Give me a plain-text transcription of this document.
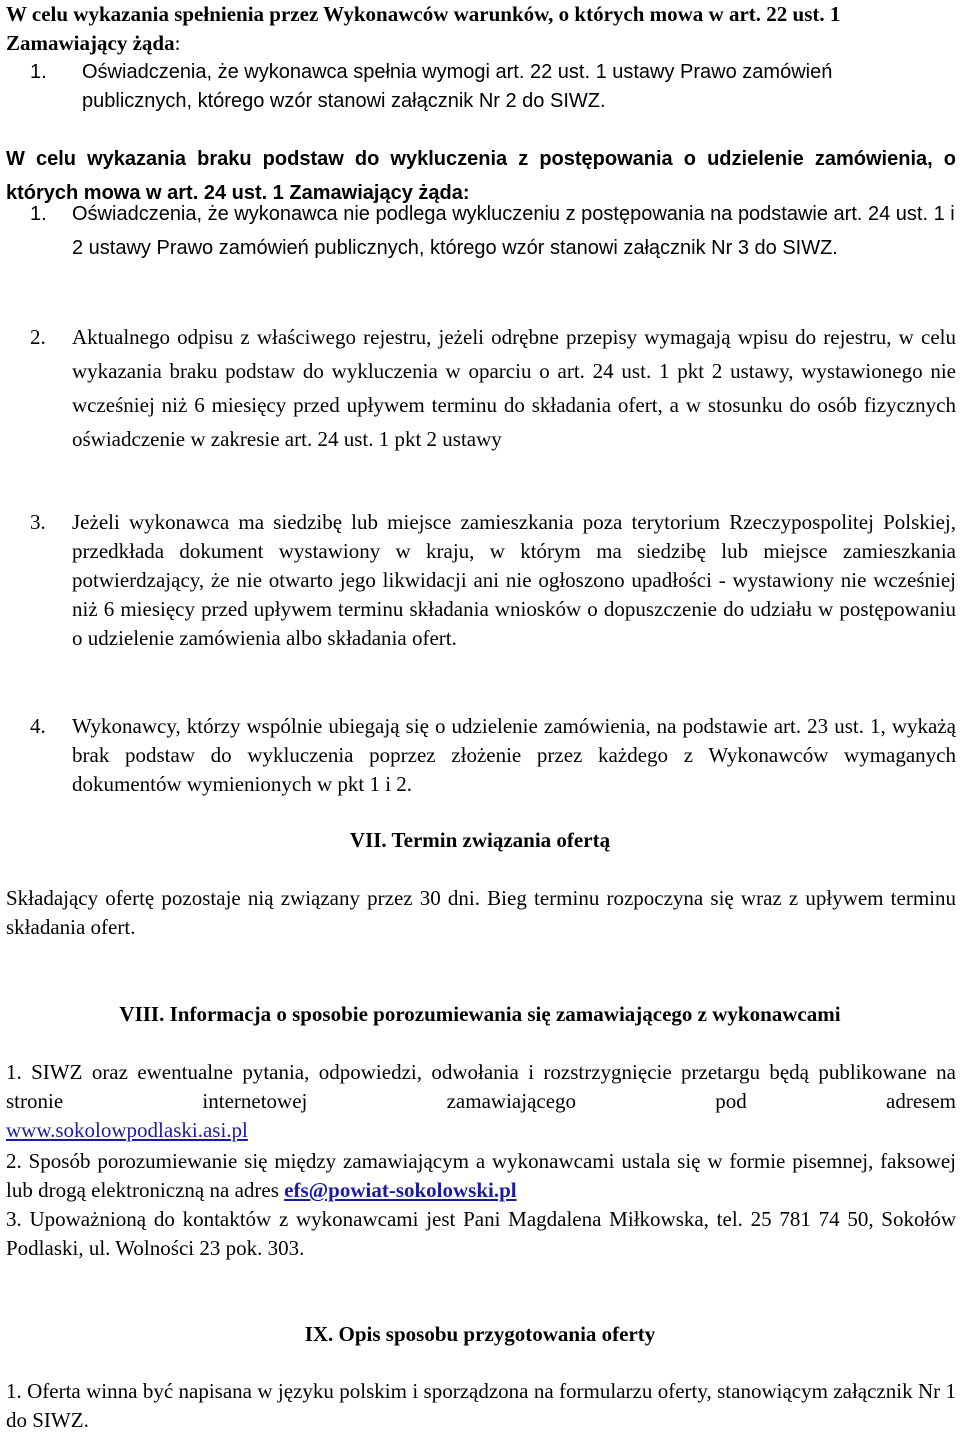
W celu wykazania spełnienia przez Wykonawców warunków, o których mowa w art. 22 ust. 1 Zamawiający żąda:
1.	Oświadczenia, że wykonawca spełnia wymogi art. 22 ust. 1 ustawy Prawo zamówień publicznych, którego wzór stanowi załącznik Nr 2 do SIWZ.
W celu wykazania braku podstaw do wykluczenia z postępowania o udzielenie zamówienia, o których mowa w art. 24 ust. 1 Zamawiający żąda:
1.	Oświadczenia, że wykonawca nie podlega wykluczeniu z postępowania na podstawie art. 24 ust. 1 i 2 ustawy Prawo zamówień publicznych, którego wzór stanowi załącznik Nr 3 do SIWZ.
2.	Aktualnego odpisu z właściwego rejestru, jeżeli odrębne przepisy wymagają wpisu do rejestru, w celu wykazania braku podstaw do wykluczenia w oparciu o art. 24 ust. 1 pkt 2 ustawy, wystawionego nie wcześniej niż 6 miesięcy przed upływem terminu do składania ofert, a w stosunku do osób fizycznych oświadczenie w zakresie art. 24 ust. 1 pkt 2 ustawy
3.	Jeżeli wykonawca ma siedzibę lub miejsce zamieszkania poza terytorium Rzeczypospolitej Polskiej, przedkłada dokument wystawiony w kraju, w którym ma siedzibę lub miejsce zamieszkania potwierdzający, że nie otwarto jego likwidacji ani nie ogłoszono upadłości - wystawiony nie wcześniej niż 6 miesięcy przed upływem terminu składania wniosków o dopuszczenie do udziału w postępowaniu o udzielenie zamówienia albo składania ofert.
4.	Wykonawcy, którzy wspólnie ubiegają się o udzielenie zamówienia, na podstawie art. 23 ust. 1, wykażą brak podstaw do wykluczenia poprzez złożenie przez każdego z Wykonawców wymaganych dokumentów wymienionych w pkt 1 i 2.
VII. Termin związania ofertą
Składający ofertę pozostaje nią związany przez 30 dni. Bieg terminu rozpoczyna się wraz z upływem terminu składania ofert.
VIII. Informacja o sposobie porozumiewania się zamawiającego z wykonawcami
1. SIWZ oraz ewentualne pytania, odpowiedzi, odwołania i rozstrzygnięcie przetargu będą publikowane na stronie internetowej zamawiającego pod adresem
www.sokolowpodlaski.asi.pl
2. Sposób porozumiewanie się między zamawiającym a wykonawcami ustala się w formie pisemnej, faksowej lub drogą elektroniczną na adres efs@powiat-sokolowski.pl
3. Upoważnioną do kontaktów z wykonawcami jest Pani Magdalena Miłkowska, tel. 25 781 74 50, Sokołów Podlaski, ul. Wolności 23 pok. 303.
IX. Opis sposobu przygotowania oferty
1. Oferta winna być napisana w języku polskim i sporządzona na formularzu oferty, stanowiącym załącznik Nr 1 do SIWZ.
